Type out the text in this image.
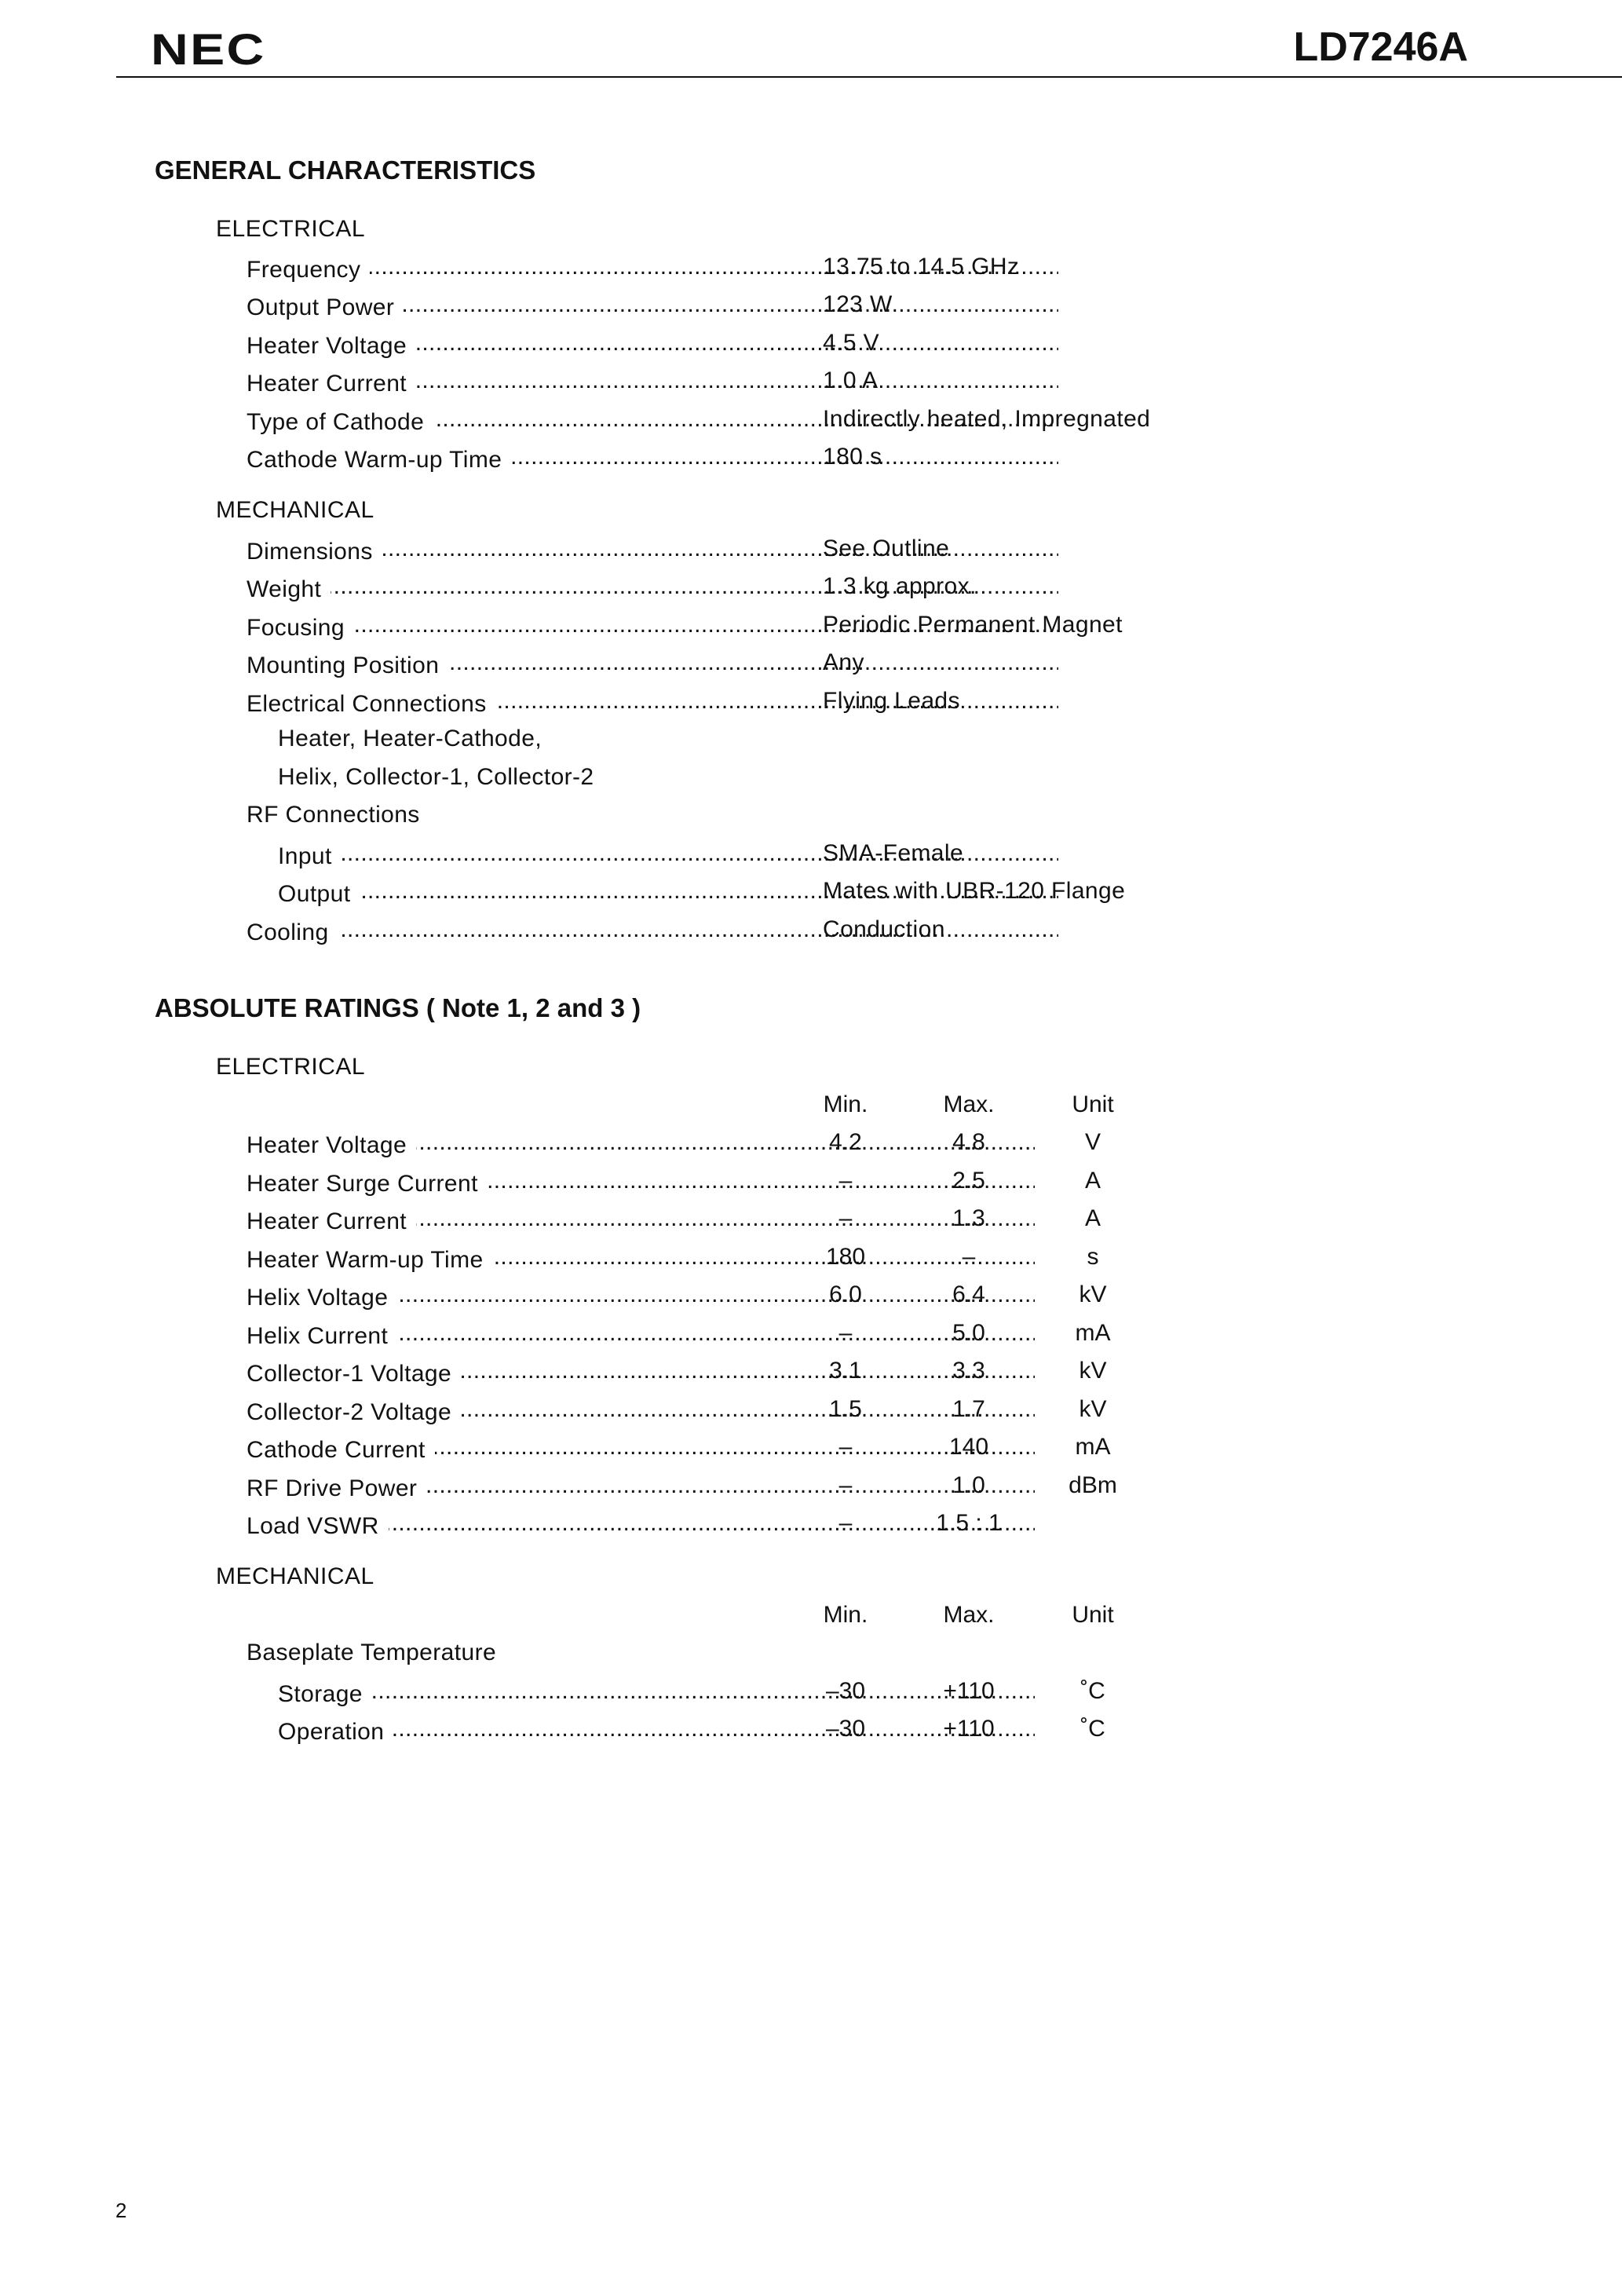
NEC	LD7246A
GENERAL CHARACTERISTICS
ELECTRICAL
Frequency . . .	13.75 to 14.5 GHz
Output Power . . .	123 W
Heater Voltage . . .	4.5 V
Heater Current . . .	1.0 A
Type of Cathode . . .	Indirectly heated, Impregnated
Cathode Warm-up Time . . .	180 s
MECHANICAL
Dimensions . . .	See Outline
Weight . . .	1.3 kg approx.
Focusing . . .	Periodic Permanent Magnet
Mounting Position . . .	Any
Electrical Connections . . .	Flying Leads
Heater, Heater-Cathode,
Helix, Collector-1, Collector-2
RF Connections
Input . . .	SMA-Female
Output . . .	Mates with UBR-120 Flange
Cooling . . .	Conduction
ABSOLUTE RATINGS ( Note 1, 2 and 3 )
ELECTRICAL
Min.	Max.	Unit
Heater Voltage . . .	4.2	4.8	V
Heater Surge Current . . .	–	2.5	A
Heater Current . . .	–	1.3	A
Heater Warm-up Time . . .	180	–	s
Helix Voltage . . .	6.0	6.4	kV
Helix Current . . .	–	5.0	mA
Collector-1 Voltage . . .	3.1	3.3	kV
Collector-2 Voltage . . .	1.5	1.7	kV
Cathode Current . . .	–	140	mA
RF Drive Power . . .	–	1.0	dBm
Load VSWR . . .	–	1.5 : 1
MECHANICAL
Min.	Max.	Unit
Baseplate Temperature
Storage . . .	–30	+110	˚C
Operation . . .	–30	+110	˚C
2
